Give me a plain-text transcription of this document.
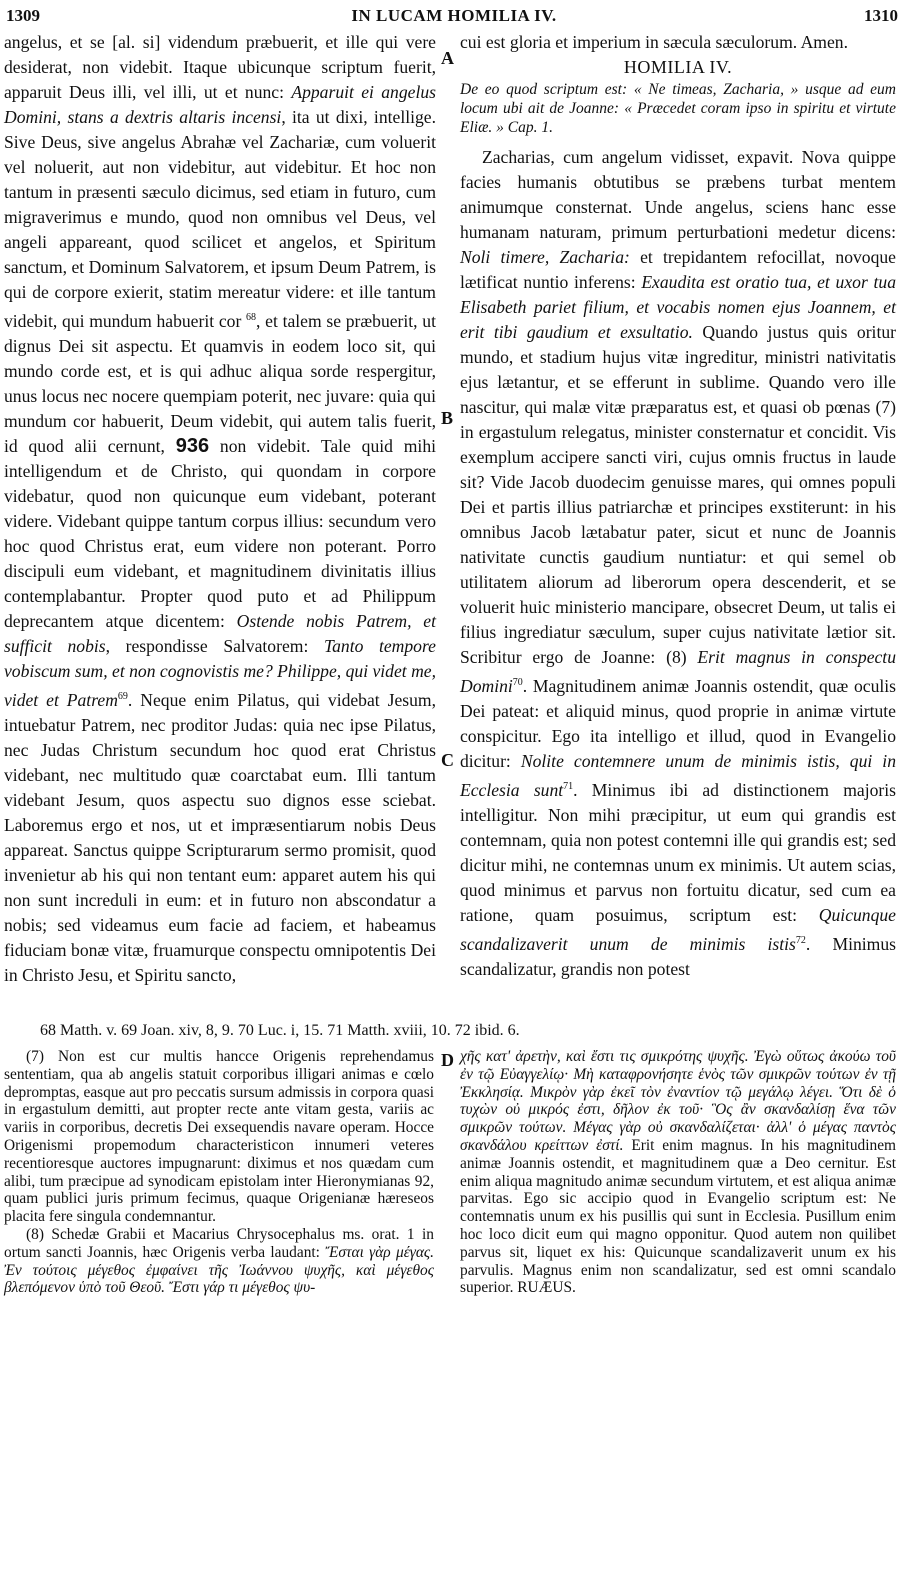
IN LUCAM HOMILIA IV.
1309	1310
A
B
C
D

angelus, et se [al. si] videndum præbuerit, et ille qui vere desiderat, non videbit. Itaque ubicunque scriptum fuerit, apparuit Deus illi, vel illi, ut et nunc: Apparuit ei angelus Domini, stans a dextris altaris incensi, ita ut dixi, intellige. Sive Deus, sive angelus Abrahæ vel Zachariæ, cum voluerit vel noluerit, aut non videbitur, aut videbitur. Et hoc non tantum in præsenti sæculo dicimus, sed etiam in futuro, cum migraverimus e mundo, quod non omnibus vel Deus, vel angeli appareant, quod scilicet et angelos, et Spiritum sanctum, et Dominum Salvatorem, et ipsum Deum Patrem, is qui de corpore exierit, statim mereatur videre: et ille tantum videbit, qui mundum habuerit cor $^{68}$, et talem se præbuerit, ut dignus Dei sit aspectu. Et quamvis in eodem loco sit, qui mundo corde est, et is qui adhuc aliqua sorde respergitur, unus locus nec nocere quempiam poterit, nec juvare: quia qui mundum cor habuerit, Deum videbit, qui autem talis fuerit, id quod alii cernunt, 936 non videbit. Tale quid mihi intelligendum et de Christo, qui quondam in corpore videbatur, quod non quicunque eum videbant, poterant videre. Videbant quippe tantum corpus illius: secundum vero hoc quod Christus erat, eum videre non poterant. Porro discipuli eum videbant, et magnitudinem divinitatis illius contemplabantur. Propter quod puto et ad Philippum deprecantem atque dicentem: Ostende nobis Patrem, et sufficit nobis, respondisse Salvatorem: Tanto tempore vobiscum sum, et non cognovistis me? Philippe, qui videt me, videt et Patrem$^{69}$. Neque enim Pilatus, qui videbat Jesum, intuebatur Patrem, nec proditor Judas: quia nec ipse Pilatus, nec Judas Christum secundum hoc quod erat Christus videbant, nec multitudo quæ coarctabat eum. Illi tantum videbant Jesum, quos aspectu suo dignos esse sciebat. Laboremus ergo et nos, ut et impræsentiarum nobis Deus appareat. Sanctus quippe Scripturarum sermo promisit, quod invenietur ab his qui non tentant eum: apparet autem his qui non sunt increduli in eum: et in futuro non abscondatur a nobis; sed videamus eum facie ad faciem, et habeamus fiduciam bonæ vitæ, fruamurque conspectu omnipotentis Dei in Christo Jesu, et Spiritu sancto,

cui est gloria et imperium in sæcula sæculorum. Amen.

HOMILIA IV.

De eo quod scriptum est: « Ne timeas, Zacharia, » usque ad eum locum ubi ait de Joanne: « Præcedet coram ipso in spiritu et virtute Eliæ. » Cap. 1.

Zacharias, cum angelum vidisset, expavit. Nova quippe facies humanis obtutibus se præbens turbat mentem animumque consternat. Unde angelus, sciens hanc esse humanam naturam, primum perturbationi medetur dicens: Noli timere, Zacharia: et trepidantem refocillat, novoque lætificat nuntio inferens: Exaudita est oratio tua, et uxor tua Elisabeth pariet filium, et vocabis nomen ejus Joannem, et erit tibi gaudium et exsultatio. Quando justus quis oritur mundo, et stadium hujus vitæ ingreditur, ministri nativitatis ejus lætantur, et se efferunt in sublime. Quando vero ille nascitur, qui malæ vitæ præparatus est, et quasi ob pœnas (7) in ergastulum relegatus, minister consternatur et concidit. Vis exemplum accipere sancti viri, cujus omnis fructus in laude sit? Vide Jacob duodecim genuisse mares, qui omnes populi Dei et partis illius patriarchæ et principes exstiterunt: in his omnibus Jacob lætabatur pater, sicut et nunc de Joannis nativitate cunctis gaudium nuntiatur: et qui semel ob utilitatem aliorum ad liberorum opera descenderit, et se voluerit huic ministerio mancipare, obsecret Deum, ut talis ei filius ingrediatur sæculum, super cujus nativitate lætior sit. Scribitur ergo de Joanne: (8) Erit magnus in conspectu Domini$^{70}$. Magnitudinem animæ Joannis ostendit, quæ oculis Dei pateat: et aliquid minus, quod proprie in animæ virtute conspicitur. Ego ita intelligo et illud, quod in Evangelio dicitur: Nolite contemnere unum de minimis istis, qui in Ecclesia sunt$^{71}$. Minimus ibi ad distinctionem majoris intelligitur. Non mihi præcipitur, ut eum qui grandis est contemnam, quia non potest contemni ille qui grandis est; sed dicitur mihi, ne contemnas unum ex minimis. Ut autem scias, quod minimus et parvus non fortuitu dicatur, sed cum ea ratione, quam posuimus, scriptum est: Quicunque scandalizaverit unum de minimis istis$^{72}$. Minimus scandalizatur, grandis non potest

68 Matth. v. 69 Joan. xiv, 8, 9. 70 Luc. i, 15. 71 Matth. xviii, 10. 72 ibid. 6.

(7) Non est cur multis hancce Origenis reprehendamus sententiam, qua ab angelis statuit corporibus illigari animas e cœlo depromptas, easque aut pro peccatis sursum admissis in corpora quasi in ergastulum demitti, aut propter recte ante vitam gesta, variis ac variis in corporibus, decretis Dei exsequendis navare operam. Hocce Origenismi propemodum characteristicon innumeri veteres recentioresque auctores impugnarunt: diximus et nos quædam cum alibi, tum præcipue ad synodicam epistolam inter Hieronymianas 92, quam publici juris primum fecimus, quaque Origenianæ hæreseos placita fere singula condemnantur.

(8) Schedæ Grabii et Macarius Chrysocephalus ms. orat. 1 in ortum sancti Joannis, hæc Origenis verba laudant: Ἔσται γὰρ μέγας. Ἐν τούτοις μέγεθος ἐμφαίνει τῆς Ἰωάννου ψυχῆς, καὶ μέγεθος βλεπόμενον ὑπὸ τοῦ Θεοῦ. Ἔστι γάρ τι μέγεθος ψυ-

χῆς κατ' ἀρετὴν, καὶ ἔστι τις σμικρότης ψυχῆς. Ἐγὼ οὕτως ἀκούω τοῦ ἐν τῷ Εὐαγγελίῳ· Μὴ καταφρονήσητε ἑνὸς τῶν σμικρῶν τούτων ἐν τῇ Ἐκκλησίᾳ. Μικρὸν γὰρ ἐκεῖ τὸν ἐναντίον τῷ μεγάλῳ λέγει. Ὅτι δὲ ὁ τυχὼν οὐ μικρός ἐστι, δῆλον ἐκ τοῦ· Ὃς ἂν σκανδαλίσῃ ἕνα τῶν σμικρῶν τούτων. Μέγας γὰρ οὐ σκανδαλίζεται· ἀλλ' ὁ μέγας παντὸς σκανδάλου κρείττων ἐστί. Erit enim magnus. In his magnitudinem animæ Joannis ostendit, et magnitudinem quæ a Deo cernitur. Est enim aliqua magnitudo animæ secundum virtutem, et est aliqua animæ parvitas. Ego sic accipio quod in Evangelio scriptum est: Ne contemnatis unum ex his pusillis qui sunt in Ecclesia. Pusillum enim hoc loco dicit eum qui magno opponitur. Quod autem non quilibet parvus sit, liquet ex his: Quicunque scandalizaverit unum ex his parvulis. Magnus enim non scandalizatur, sed est omni scandalo superior. RUÆUS.
